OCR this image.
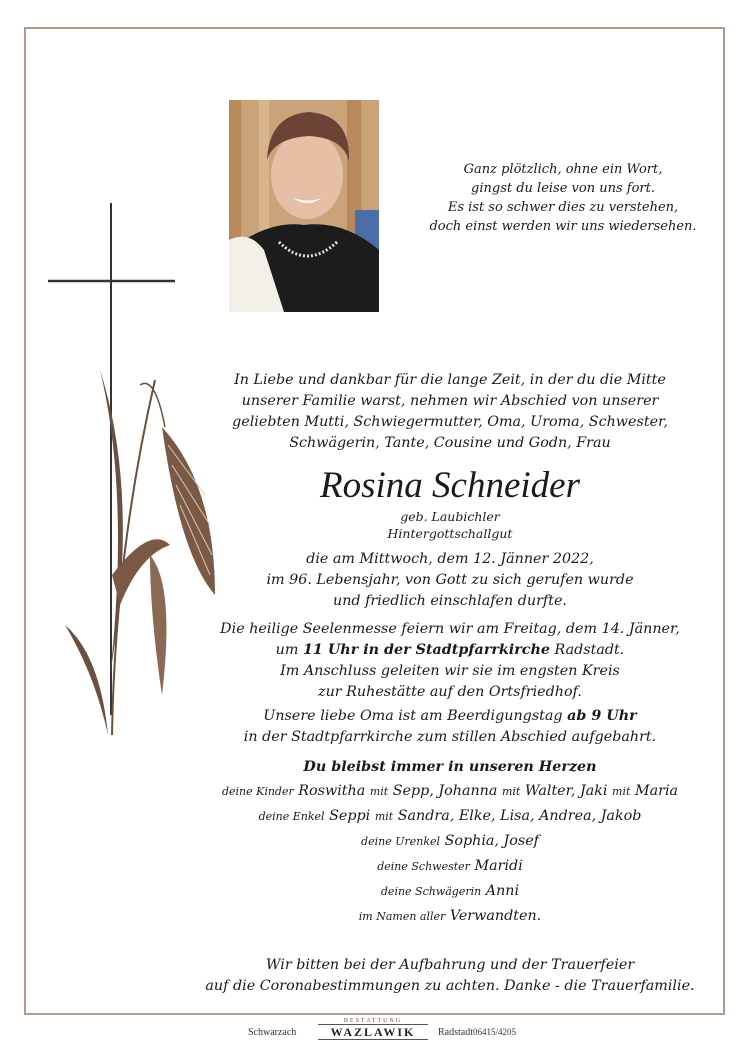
Ganz plötzlich, ohne ein Wort,
gingst du leise von uns fort.
Es ist so schwer dies zu verstehen,
doch einst werden wir uns wiedersehen.
In Liebe und dankbar für die lange Zeit, in der du die Mitte
unserer Familie warst, nehmen wir Abschied von unserer
geliebten Mutti, Schwiegermutter, Oma, Uroma, Schwester,
Schwägerin, Tante, Cousine und Godn, Frau
Rosina Schneider
geb. Laubichler
Hintergottschallgut
die am Mittwoch, dem 12. Jänner 2022,
im 96. Lebensjahr, von Gott zu sich gerufen wurde
und friedlich einschlafen durfte.
Die heilige Seelenmesse feiern wir am Freitag, dem 14. Jänner,
um 11 Uhr in der Stadtpfarrkirche Radstadt.
Im Anschluss geleiten wir sie im engsten Kreis
zur Ruhestätte auf den Ortsfriedhof.
Unsere liebe Oma ist am Beerdigungstag ab 9 Uhr
in der Stadtpfarrkirche zum stillen Abschied aufgebahrt.
Du bleibst immer in unseren Herzen
deine Kinder Roswitha mit Sepp, Johanna mit Walter, Jaki mit Maria
deine Enkel Seppi mit Sandra, Elke, Lisa, Andrea, Jakob
deine Urenkel Sophia, Josef
deine Schwester Maridi
deine Schwägerin Anni
im Namen aller Verwandten.
Wir bitten bei der Aufbahrung und der Trauerfeier
auf die Coronabestimmungen zu achten. Danke - die Trauerfamilie.
Schwarzach
BESTATTUNG
WAZLAWIK	Radstadt 06415/4205
